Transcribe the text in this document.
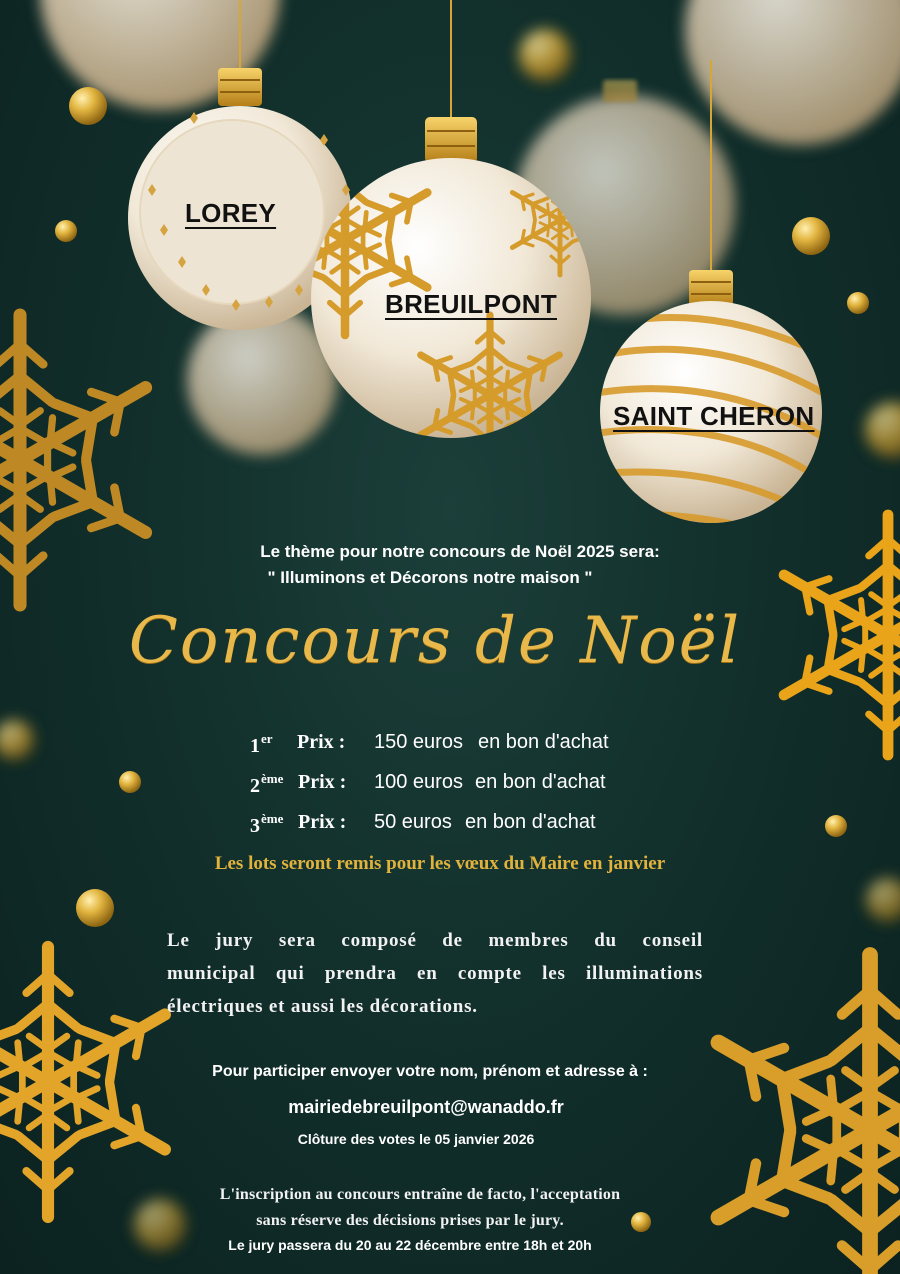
LOREY
SAINT CHERON
BREUILPONT
Le thème pour notre concours de Noël 2025 sera:
" Illuminons et Décorons notre maison "
Concours de Noël
1er Prix : 150 euros en bon d'achat
2ème Prix : 100 euros en bon d'achat
3ème Prix : 50 euros en bon d'achat
Les lots seront remis pour les vœux du Maire en janvier
Le jury sera composé de membres du conseil
municipal qui prendra en compte les illuminations
électriques et aussi les décorations.
Pour participer envoyer votre nom, prénom et adresse à :
mairiedebreuilpont@wanaddo.fr
Clôture des votes le 05 janvier 2026
L'inscription au concours entraîne de facto, l'acceptation
sans réserve des décisions prises par le jury.
Le jury passera du 20 au 22 décembre entre 18h et 20h
